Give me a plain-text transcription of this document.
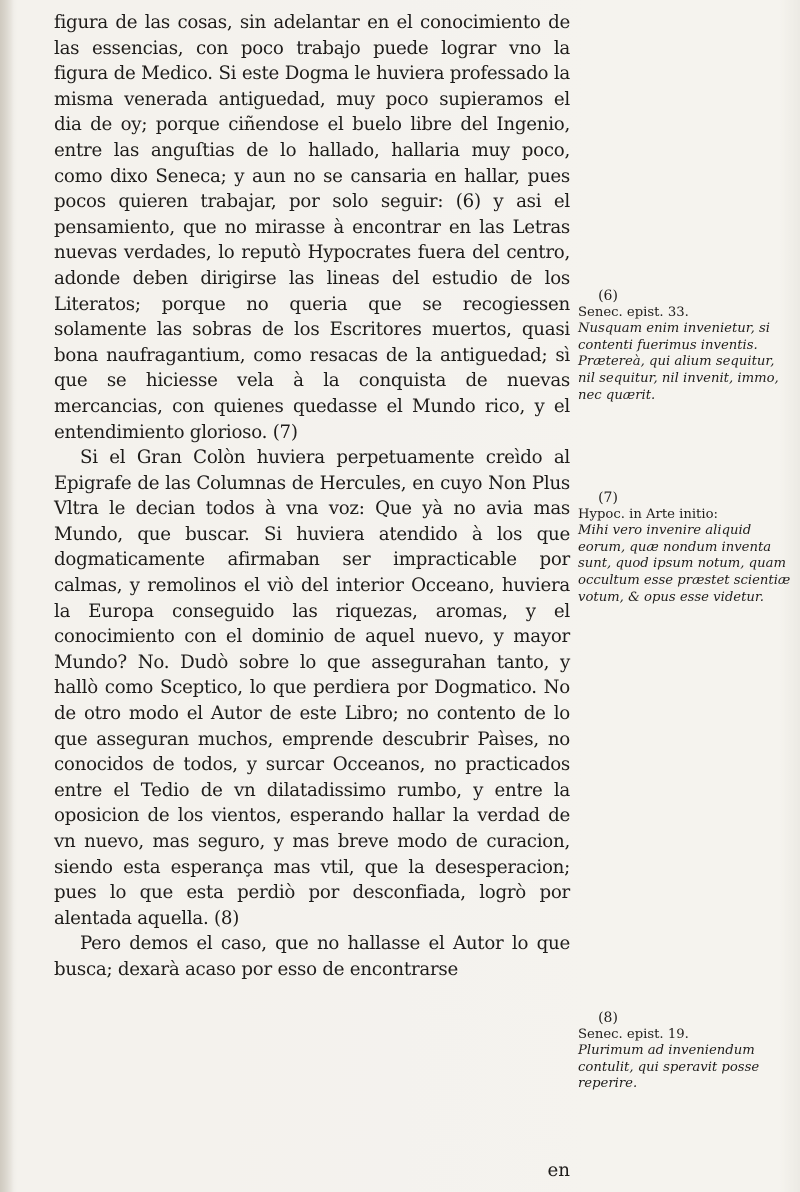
figura de las cosas, sin adelantar en el conocimiento de las essencias, con poco trabajo puede lograr vno la figura de Medico. Si este Dogma le huviera professado la misma venerada antiguedad, muy poco supieramos el dia de oy; porque ciñendose el buelo libre del Ingenio, entre las anguſtias de lo hallado, hallaria muy poco, como dixo Seneca; y aun no se cansaria en hallar, pues pocos quieren trabajar, por solo seguir: (6) y asi el pensamiento, que no mirasse à encontrar en las Letras nuevas verdades, lo reputò Hypocrates fuera del centro, adonde deben dirigirse las lineas del estudio de los Literatos; porque no queria que se recogiessen solamente las sobras de los Escritores muertos, quasi bona naufragantium, como resacas de la antiguedad; sì que se hiciesse vela à la conquista de nuevas mercancias, con quienes quedasse el Mundo rico, y el entendimiento glorioso. (7)

Si el Gran Colòn huviera perpetuamente creìdo al Epigrafe de las Columnas de Hercules, en cuyo Non Plus Vltra le decian todos à vna voz: Que yà no avia mas Mundo, que buscar. Si huviera atendido à los que dogmaticamente afirmaban ser impracticable por calmas, y remolinos el viò del interior Occeano, huviera la Europa conseguido las riquezas, aromas, y el conocimiento con el dominio de aquel nuevo, y mayor Mundo? No. Dudò sobre lo que assegurahan tanto, y hallò como Sceptico, lo que perdiera por Dogmatico. No de otro modo el Autor de este Libro; no contento de lo que asseguran muchos, emprende descubrir Paìses, no conocidos de todos, y surcar Occeanos, no practicados entre el Tedio de vn dilatadissimo rumbo, y entre la oposicion de los vientos, esperando hallar la verdad de vn nuevo, mas seguro, y mas breve modo de curacion, siendo esta esperança mas vtil, que la desesperacion; pues lo que esta perdiò por desconfiada, logrò por alentada aquella. (8)

Pero demos el caso, que no hallasse el Autor lo que busca; dexarà acaso por esso de encontrarse

en
(6)
Senec. epist. 33.
Nusquam enim invenietur, si contenti fuerimus inventis. Prætereà, qui alium sequitur, nil sequitur, nil invenit, immo, nec quærit.
(7)
Hypoc. in Arte initio:
Mihi vero invenire aliquid eorum, quæ nondum inventa sunt, quod ipsum notum, quam occultum esse præstet scientiæ votum, & opus esse videtur.
(8)
Senec. epist. 19.
Plurimum ad inveniendum contulit, qui speravit posse reperire.
